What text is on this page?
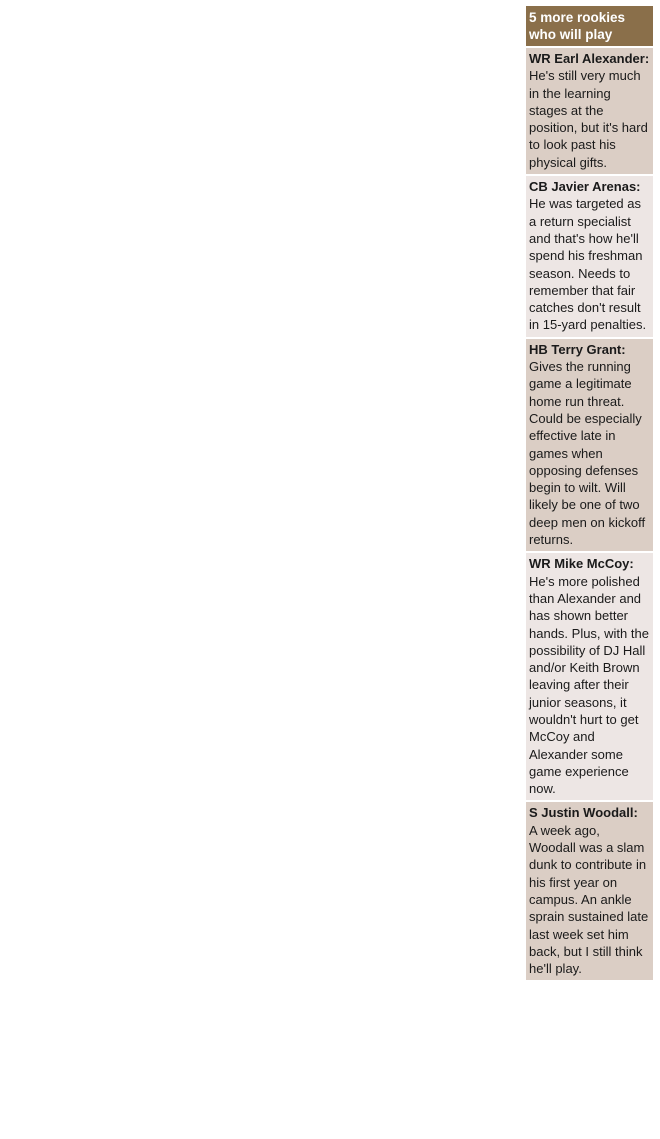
5 more rookies who will play
WR Earl Alexander:
He's still very much in the learning stages at the position, but it's hard to look past his physical gifts.
CB Javier Arenas:
He was targeted as a return specialist and that's how he'll spend his freshman season. Needs to remember that fair catches don't result in 15-yard penalties.
HB Terry Grant:
Gives the running game a legitimate home run threat. Could be especially effective late in games when opposing defenses begin to wilt. Will likely be one of two deep men on kickoff returns.
WR Mike McCoy:
He's more polished than Alexander and has shown better hands. Plus, with the possibility of DJ Hall and/or Keith Brown leaving after their junior seasons, it wouldn't hurt to get McCoy and Alexander some game experience now.
S Justin Woodall:
A week ago, Woodall was a slam dunk to contribute in his first year on campus. An ankle sprain sustained late last week set him back, but I still think he'll play.
